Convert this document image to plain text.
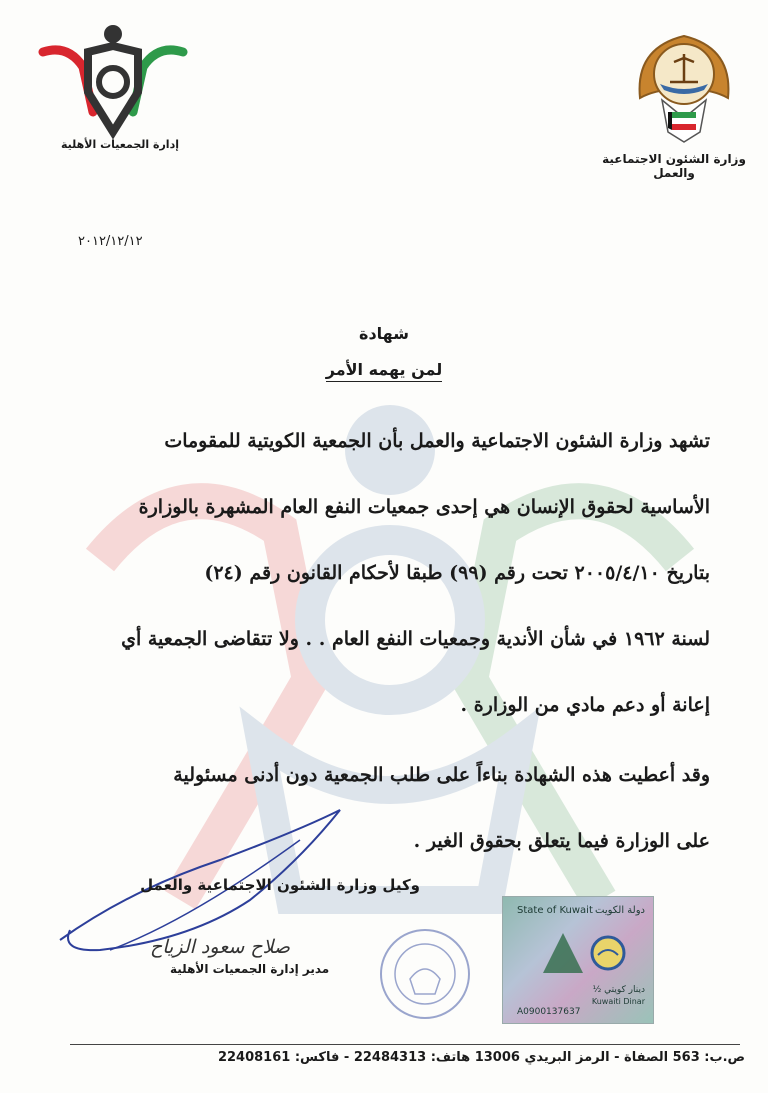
إدارة الجمعيات الأهلية
وزارة الشئون الاجتماعية والعمل
٢٠١٢/١٢/١٢
شهادة
لمن يهمه الأمر
تشهد وزارة الشئون الاجتماعية والعمل بأن الجمعية الكويتية للمقومات
الأساسية لحقوق الإنسان هي إحدى جمعيات النفع العام المشهرة بالوزارة
بتاريخ ٢٠٠٥/٤/١٠ تحت رقم (٩٩) طبقا لأحكام القانون رقم (٢٤)
لسنة ١٩٦٢ في شأن الأندية وجمعيات النفع العام . . ولا تتقاضى الجمعية أي
إعانة أو دعم مادي من الوزارة .
وقد أعطيت هذه الشهادة بناءاً على طلب الجمعية دون أدنى مسئولية
على الوزارة فيما يتعلق بحقوق الغير .
وكيل وزارة الشئون الاجتماعية والعمل
صلاح سعود الزياح
مدير إدارة الجمعيات الأهلية
State of Kuwait دولة الكويت
½ دينار كويتي
Kuwaiti Dinar
A0900137637
ص.ب: 563 الصفاة - الرمز البريدي 13006 هاتف: 22484313 - فاكس: 22408161
